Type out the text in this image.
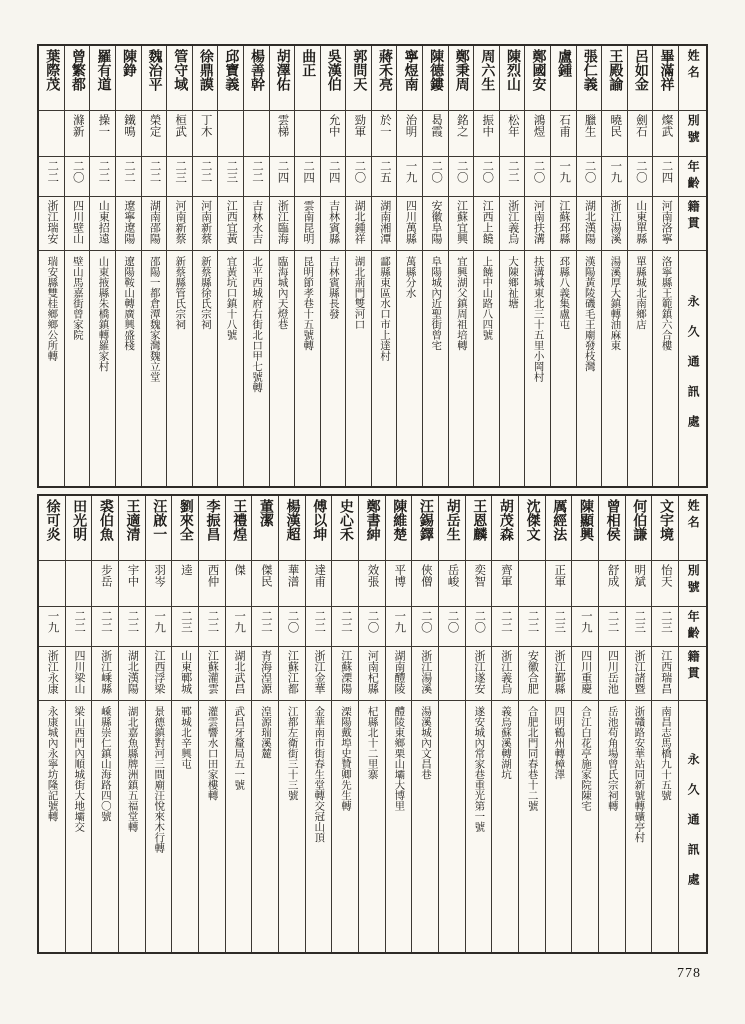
姓名
別號
年齡
籍貫
永久通訊處
畢滿祥
燦武
二四
河南洛寧
洛寧縣王範鎮六合樓
呂如金
劍石
二〇
山東單縣
單縣城北南鄉店
王殿諭
曉民
一九
浙江湯溪
湯溪厚大鎮轉油麻東
張仁義
臘生
二〇
湖北漢陽
漢陽黃陵磯毛王廟發枝灣
盧鍾
石甫
一九
江蘇邳縣
邳縣八義集盧屯
鄭國安
鴻煜
二〇
河南扶溝
扶溝城東北三十五里小岡村
陳烈山
松年
二二
浙江義烏
大陳鄉祉塘
周六生
振中
二〇
江西上饒
上饒中山路八四號
鄭秉周
銘之
二〇
江蘇宜興
宜興湖父鎮周祖培轉
陳德鏤
曷霞
二〇
安徽阜陽
阜陽城內近聖街曾宅
寧煜南
治明
一九
四川萬縣
萬縣分水
蔣禾亮
於一
二五
湖南湘潭
酃縣東區水口市上達村
郭問天
勁軍
二〇
湖北鍾祥
湖北荊門雙河口
吳漢伯
允中
二四
吉林賓縣
吉林賓縣長發
曲正
二四
雲南昆明
昆明節孝巷十五號轉
胡澤佑
雲梯
二四
浙江臨海
臨海城內天燈巷
楊善幹
二二
吉林永吉
北平西城府右街北口甲七號轉
邱寶義
二三
江西宜黃
宜黃坑口鎮十八號
徐鼎謨
丁木
二二
河南新蔡
新蔡縣徐氏宗祠
管守域
桓武
二三
河南新蔡
新蔡縣管氏宗祠
魏治平
榮定
二二
湖南邵陽
邵陽一都倉潭魏家灣魏立堂
陳錚
鐵鳴
二二
遼寧遼陽
遼陽鞍山轉廣興盛棧
羅有道
操一
二二
山東招遠
山東掖縣朱橋鎮轉羅家村
曾繁都
滌新
二〇
四川壁山
壁山馬嘉街曾家院
葉際茂
二二
浙江瑞安
瑞安縣雙桂鄉鄉公所轉
姓名
別號
年齡
籍貫
永久通訊處
文宇境
怡天
二三
江西瑞昌
南昌志馬橋九十五號
何伯謙
明斌
二三
浙江諸暨
浙贛路安華站同新號轉礦亭村
曾相侯
舒成
二二
四川岳池
岳池苟角場曾氏宗祠轉
陳顯興
一九
四川重慶
合江白花亭施家院陳宅
厲經法
正軍
二三
浙江鄞縣
四明鶴州轉樟澤
沈傑文
二二
安徽合肥
合肥北門同春巷十二號
胡茂森
齊軍
二二
浙江義烏
義烏蘇溪轉湖坑
王恩麟
奕智
二〇
浙江遂安
遂安城內常家巷重光第一號
胡岳生
岳峻
二〇
汪錫鐸
俠僧
二〇
浙江湯溪
湯溪城內文昌巷
陳維楚
平博
一九
湖南醴陵
醴陵東鄉栗山壩大博里
鄭書紳
效張
二〇
河南杞縣
杞縣北十二里寨
史心禾
二二
江蘇溧陽
溧陽戴埠史贊卿先生轉
傅以坤
達甫
二二
浙江金華
金華南市街春生堂轉交冠山頂
楊漢超
華潽
二〇
江蘇江都
江都左衛街三十三號
董潔
傑民
二二
青海湟源
湟源瑞溪麓
王禮煌
傑
一九
湖北武昌
武昌牙釐局五一號
李振昌
西仲
二二
江蘇灌雲
灌雲響水口田家樓轉
劉來全
逵
二三
山東鄆城
鄆城北辛興屯
汪啟一
羽岑
一九
江西浮梁
景德鎮對河三間廟汪悅來木行轉
王適清
宇中
二二
湖北漢陽
湖北嘉魚縣牌洲鎮五福堂轉
裘伯魚
步岳
二二
浙江嵊縣
嵊縣崇仁鎮山海路四〇號
田光明
二二
四川梁山
梁山西門內順城街大地壩交
徐可炎
一九
浙江永康
永康城內永寧坊隆記號轉
778
